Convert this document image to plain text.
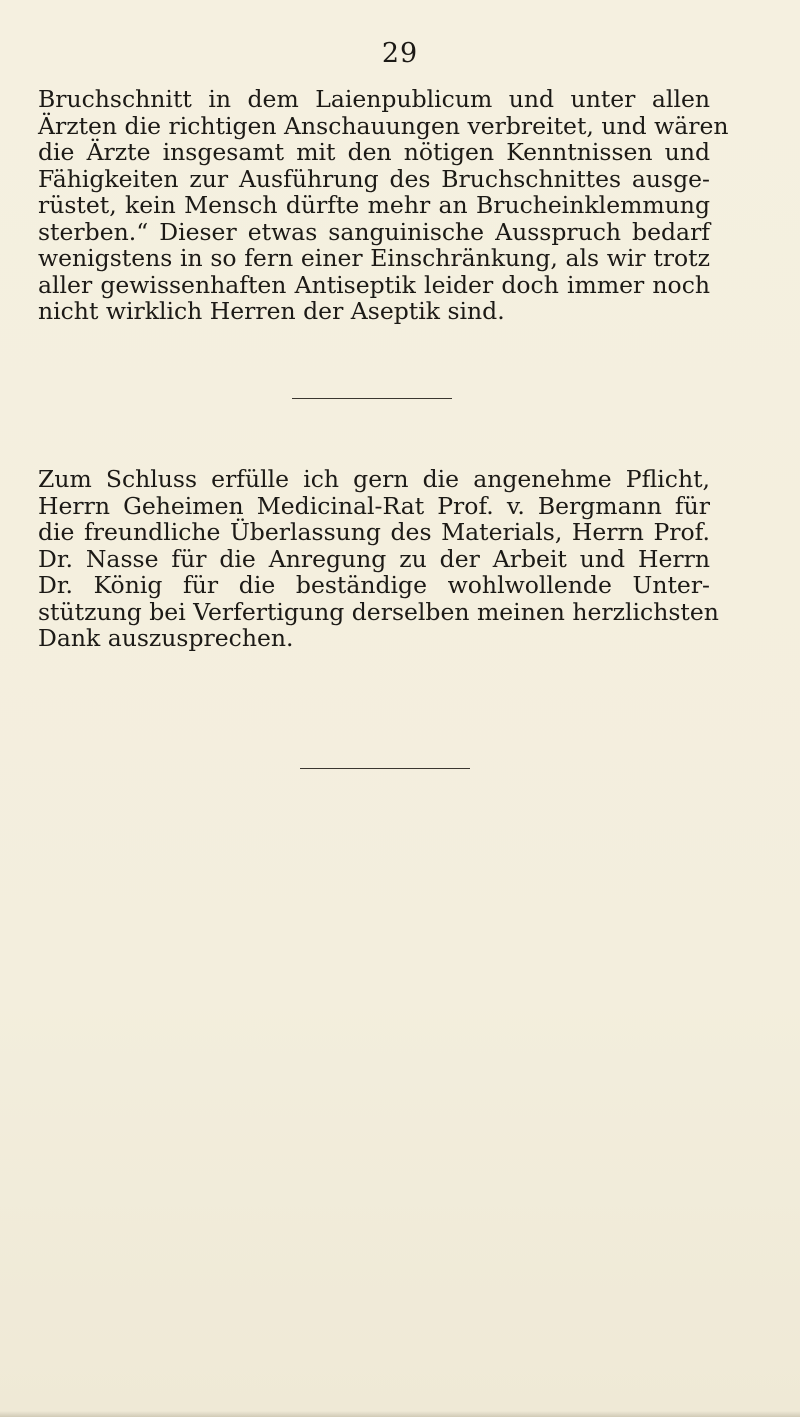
29

Bruchschnitt in dem Laienpublicum und unter allen
Ärzten die richtigen Anschauungen verbreitet, und wären
die Ärzte insgesamt mit den nötigen Kenntnissen und
Fähigkeiten zur Ausführung des Bruchschnittes ausge-
rüstet, kein Mensch dürfte mehr an Brucheinklemmung
sterben.“ Dieser etwas sanguinische Ausspruch bedarf
wenigstens in so fern einer Einschränkung, als wir trotz
aller gewissenhaften Antiseptik leider doch immer noch
nicht wirklich Herren der Aseptik sind.

Zum Schluss erfülle ich gern die angenehme Pflicht,
Herrn Geheimen Medicinal-Rat Prof. v. Bergmann für
die freundliche Überlassung des Materials, Herrn Prof.
Dr. Nasse für die Anregung zu der Arbeit und Herrn
Dr. König für die beständige wohlwollende Unter-
stützung bei Verfertigung derselben meinen herzlichsten
Dank auszusprechen.
